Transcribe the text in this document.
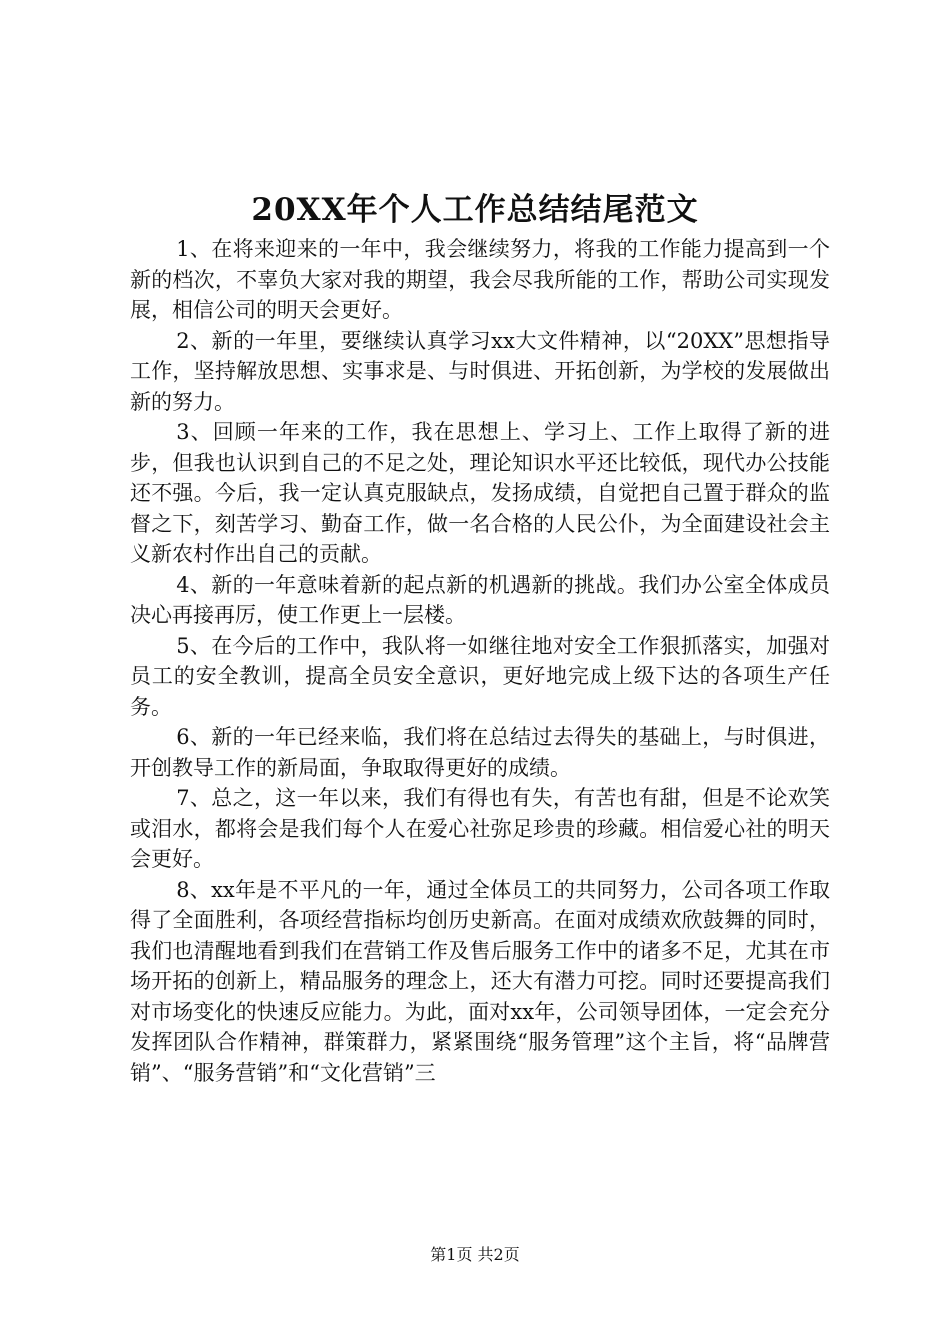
20XX年个人工作总结结尾范文

1、在将来迎来的一年中，我会继续努力，将我的工作能力提高到一个新的档次，不辜负大家对我的期望，我会尽我所能的工作，帮助公司实现发展，相信公司的明天会更好。

2、新的一年里，要继续认真学习xx大文件精神，以“20XX”思想指导工作，坚持解放思想、实事求是、与时俱进、开拓创新，为学校的发展做出新的努力。

3、回顾一年来的工作，我在思想上、学习上、工作上取得了新的进步，但我也认识到自己的不足之处，理论知识水平还比较低，现代办公技能还不强。今后，我一定认真克服缺点，发扬成绩，自觉把自己置于群众的监督之下，刻苦学习、勤奋工作，做一名合格的人民公仆，为全面建设社会主义新农村作出自己的贡献。

4、新的一年意味着新的起点新的机遇新的挑战。我们办公室全体成员决心再接再厉，使工作更上一层楼。

5、在今后的工作中，我队将一如继往地对安全工作狠抓落实，加强对员工的安全教训，提高全员安全意识，更好地完成上级下达的各项生产任务。

6、新的一年已经来临，我们将在总结过去得失的基础上，与时俱进，开创教导工作的新局面，争取取得更好的成绩。

7、总之，这一年以来，我们有得也有失，有苦也有甜，但是不论欢笑或泪水，都将会是我们每个人在爱心社弥足珍贵的珍藏。相信爱心社的明天会更好。

8、xx年是不平凡的一年，通过全体员工的共同努力，公司各项工作取得了全面胜利，各项经营指标均创历史新高。在面对成绩欢欣鼓舞的同时，我们也清醒地看到我们在营销工作及售后服务工作中的诸多不足，尤其在市场开拓的创新上，精品服务的理念上，还大有潜力可挖。同时还要提高我们对市场变化的快速反应能力。为此，面对xx年，公司领导团体，一定会充分发挥团队合作精神，群策群力，紧紧围绕“服务管理”这个主旨，将“品牌营销”、“服务营销”和“文化营销”三

第1页 共2页
